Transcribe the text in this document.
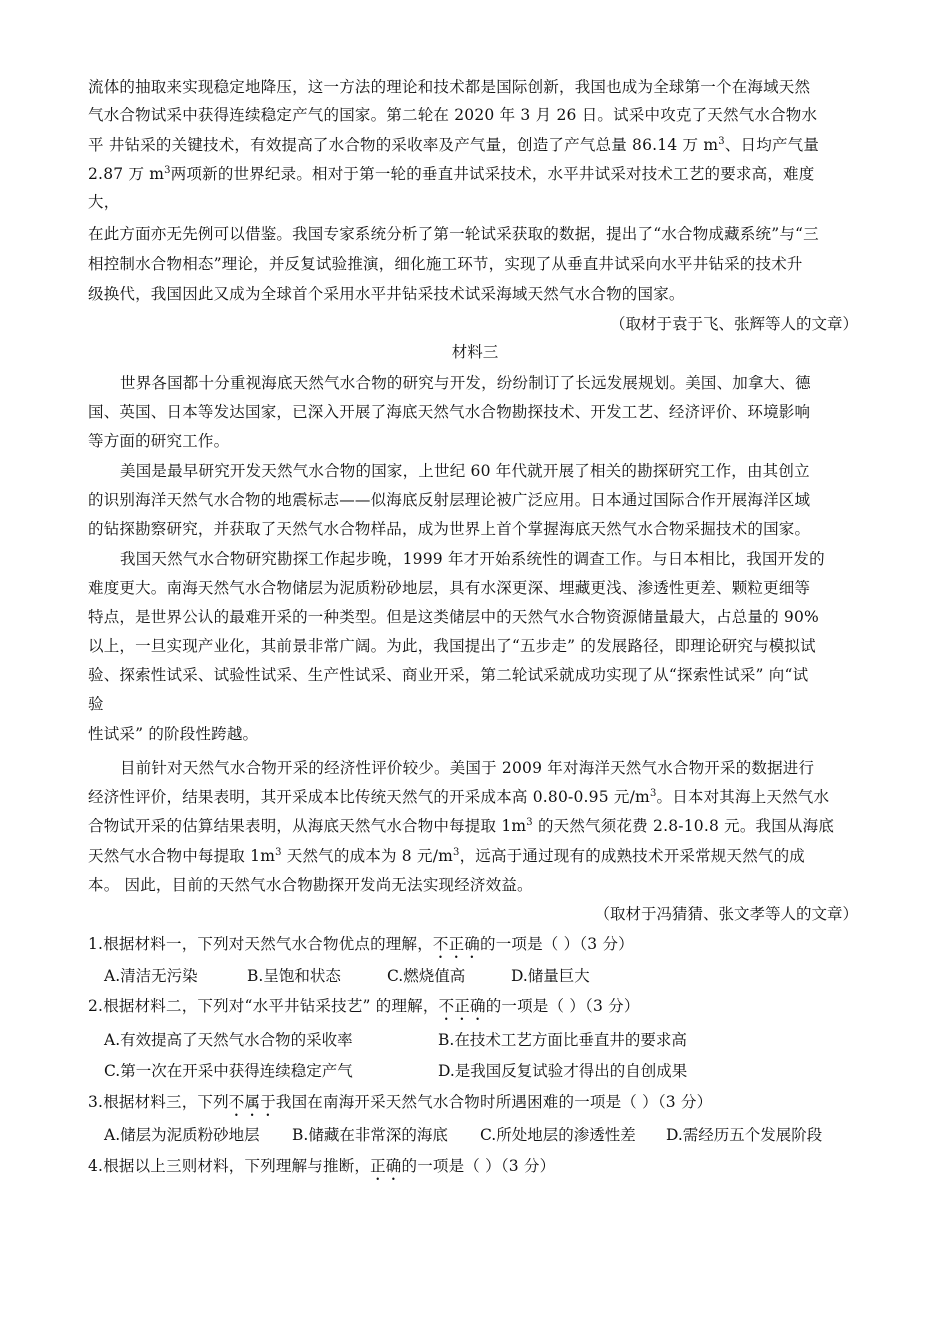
流体的抽取来实现稳定地降压，这一方法的理论和技术都是国际创新，我国也成为全球第一个在海域天然
气水合物试采中获得连续稳定产气的国家。第二轮在 2020 年 3 月 26 日。试采中攻克了天然气水合物水
平 井钻采的关键技术，有效提高了水合物的采收率及产气量，创造了产气总量 86.14 万 $m^3$、日均产气量
2.87 万 $m^3$两项新的世界纪录。相对于第一轮的垂直井试采技术，水平井试采对技术工艺的要求高，难度
大，
在此方面亦无先例可以借鉴。我国专家系统分析了第一轮试采获取的数据，提出了“水合物成藏系统”与“三
相控制水合物相态”理论，并反复试验推演，细化施工环节，实现了从垂直井试采向水平井钻采的技术升
级换代，我国因此又成为全球首个采用水平井钻采技术试采海域天然气水合物的国家。
（取材于袁于飞、张辉等人的文章）
材料三
世界各国都十分重视海底天然气水合物的研究与开发，纷纷制订了长远发展规划。美国、加拿大、德
国、英国、日本等发达国家，已深入开展了海底天然气水合物勘探技术、开发工艺、经济评价、环境影响
等方面的研究工作。
美国是最早研究开发天然气水合物的国家，上世纪 60 年代就开展了相关的勘探研究工作，由其创立
的识别海洋天然气水合物的地震标志——似海底反射层理论被广泛应用。日本通过国际合作开展海洋区域
的钻探勘察研究，并获取了天然气水合物样品，成为世界上首个掌握海底天然气水合物采掘技术的国家。
我国天然气水合物研究勘探工作起步晚，1999 年才开始系统性的调查工作。与日本相比，我国开发的
难度更大。南海天然气水合物储层为泥质粉砂地层，具有水深更深、埋藏更浅、渗透性更差、颗粒更细等
特点，是世界公认的最难开采的一种类型。但是这类储层中的天然气水合物资源储量最大，占总量的 90%
以上，一旦实现产业化，其前景非常广阔。为此，我国提出了“五步走” 的发展路径，即理论研究与模拟试
验、探索性试采、试验性试采、生产性试采、商业开采，第二轮试采就成功实现了从“探索性试采” 向“试
验
性试采” 的阶段性跨越。
目前针对天然气水合物开采的经济性评价较少。美国于 2009 年对海洋天然气水合物开采的数据进行
经济性评价，结果表明，其开采成本比传统天然气的开采成本高 0.80-0.95 元$/m^3$。日本对其海上天然气水
合物试开采的估算结果表明，从海底天然气水合物中每提取 $1m^3$ 的天然气须花费 2.8-10.8 元。我国从海底
天然气水合物中每提取 $1m^3$ 天然气的成本为 8 元$/m^3$，远高于通过现有的成熟技术开采常规天然气的成
本。 因此，目前的天然气水合物勘探开发尚无法实现经济效益。
（取材于冯猜猜、张文孝等人的文章）
1.根据材料一，下列对天然气水合物优点的理解，不正确的一项是（ ）（3 分）
A.清洁无污染	B.呈饱和状态	C.燃烧值高	D.储量巨大
2.根据材料二，下列对“水平井钻采技艺” 的理解，不正确的一项是（ ）（3 分）
A.有效提高了天然气水合物的采收率	B.在技术工艺方面比垂直井的要求高
C.第一次在开采中获得连续稳定产气	D.是我国反复试验才得出的自创成果
3.根据材料三，下列不属于我国在南海开采天然气水合物时所遇困难的一项是（ ）（3 分）
A.储层为泥质粉砂地层 B.储藏在非常深的海底 C.所处地层的渗透性差 D.需经历五个发展阶段
4.根据以上三则材料，下列理解与推断，正确的一项是（ ）（3 分）
